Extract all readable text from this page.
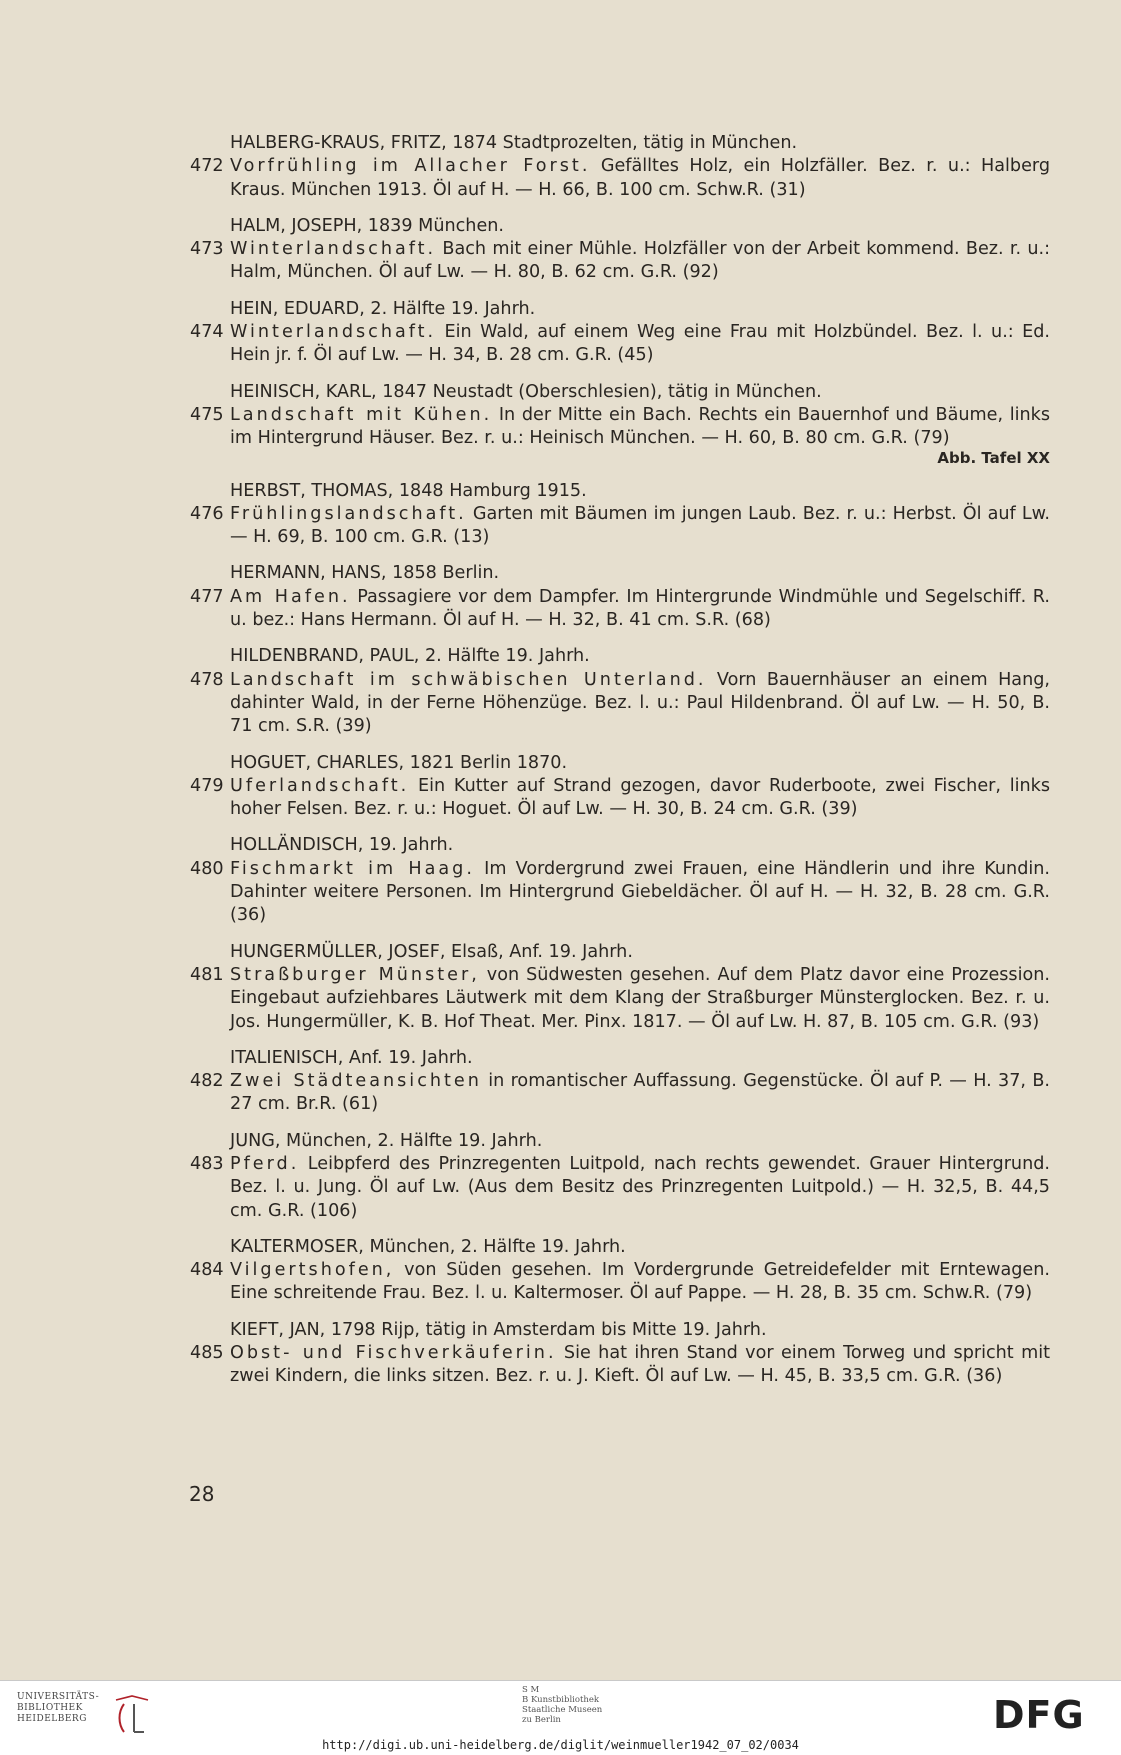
HALBERG-KRAUS, FRITZ, 1874 Stadtprozelten, tätig in München.
472 Vorfrühling im Allacher Forst. Gefälltes Holz, ein Holzfäller. Bez. r. u.: Halberg Kraus. München 1913. Öl auf H. — H. 66, B. 100 cm. Schw.R. (31)
HALM, JOSEPH, 1839 München.
473 Winterlandschaft. Bach mit einer Mühle. Holzfäller von der Arbeit kommend. Bez. r. u.: Halm, München. Öl auf Lw. — H. 80, B. 62 cm. G.R. (92)
HEIN, EDUARD, 2. Hälfte 19. Jahrh.
474 Winterlandschaft. Ein Wald, auf einem Weg eine Frau mit Holzbündel. Bez. l. u.: Ed. Hein jr. f. Öl auf Lw. — H. 34, B. 28 cm. G.R. (45)
HEINISCH, KARL, 1847 Neustadt (Oberschlesien), tätig in München.
475 Landschaft mit Kühen. In der Mitte ein Bach. Rechts ein Bauernhof und Bäume, links im Hintergrund Häuser. Bez. r. u.: Heinisch München. — H. 60, B. 80 cm. G.R. (79)
Abb. Tafel XX
HERBST, THOMAS, 1848 Hamburg 1915.
476 Frühlingslandschaft. Garten mit Bäumen im jungen Laub. Bez. r. u.: Herbst. Öl auf Lw. — H. 69, B. 100 cm. G.R. (13)
HERMANN, HANS, 1858 Berlin.
477 Am Hafen. Passagiere vor dem Dampfer. Im Hintergrunde Windmühle und Segelschiff. R. u. bez.: Hans Hermann. Öl auf H. — H. 32, B. 41 cm. S.R. (68)
HILDENBRAND, PAUL, 2. Hälfte 19. Jahrh.
478 Landschaft im schwäbischen Unterland. Vorn Bauernhäuser an einem Hang, dahinter Wald, in der Ferne Höhenzüge. Bez. l. u.: Paul Hildenbrand. Öl auf Lw. — H. 50, B. 71 cm. S.R. (39)
HOGUET, CHARLES, 1821 Berlin 1870.
479 Uferlandschaft. Ein Kutter auf Strand gezogen, davor Ruderboote, zwei Fischer, links hoher Felsen. Bez. r. u.: Hoguet. Öl auf Lw. — H. 30, B. 24 cm. G.R. (39)
HOLLÄNDISCH, 19. Jahrh.
480 Fischmarkt im Haag. Im Vordergrund zwei Frauen, eine Händlerin und ihre Kundin. Dahinter weitere Personen. Im Hintergrund Giebeldächer. Öl auf H. — H. 32, B. 28 cm. G.R. (36)
HUNGERMÜLLER, JOSEF, Elsaß, Anf. 19. Jahrh.
481 Straßburger Münster, von Südwesten gesehen. Auf dem Platz davor eine Prozession. Eingebaut aufziehbares Läutwerk mit dem Klang der Straßburger Münsterglocken. Bez. r. u. Jos. Hungermüller, K. B. Hof Theat. Mer. Pinx. 1817. — Öl auf Lw. H. 87, B. 105 cm. G.R. (93)
ITALIENISCH, Anf. 19. Jahrh.
482 Zwei Städteansichten in romantischer Auffassung. Gegenstücke. Öl auf P. — H. 37, B. 27 cm. Br.R. (61)
JUNG, München, 2. Hälfte 19. Jahrh.
483 Pferd. Leibpferd des Prinzregenten Luitpold, nach rechts gewendet. Grauer Hintergrund. Bez. l. u. Jung. Öl auf Lw. (Aus dem Besitz des Prinzregenten Luitpold.) — H. 32,5, B. 44,5 cm. G.R. (106)
KALTERMOSER, München, 2. Hälfte 19. Jahrh.
484 Vilgertshofen, von Süden gesehen. Im Vordergrunde Getreidefelder mit Erntewagen. Eine schreitende Frau. Bez. l. u. Kaltermoser. Öl auf Pappe. — H. 28, B. 35 cm. Schw.R. (79)
KIEFT, JAN, 1798 Rijp, tätig in Amsterdam bis Mitte 19. Jahrh.
485 Obst- und Fischverkäuferin. Sie hat ihren Stand vor einem Torweg und spricht mit zwei Kindern, die links sitzen. Bez. r. u. J. Kieft. Öl auf Lw. — H. 45, B. 33,5 cm. G.R. (36)
28
UNIVERSITÄTS-
BIBLIOTHEK
HEIDELBERG
S M
B Kunstbibliothek
Staatliche Museen
zu Berlin	DFG
http://digi.ub.uni-heidelberg.de/diglit/weinmueller1942_07_02/0034
